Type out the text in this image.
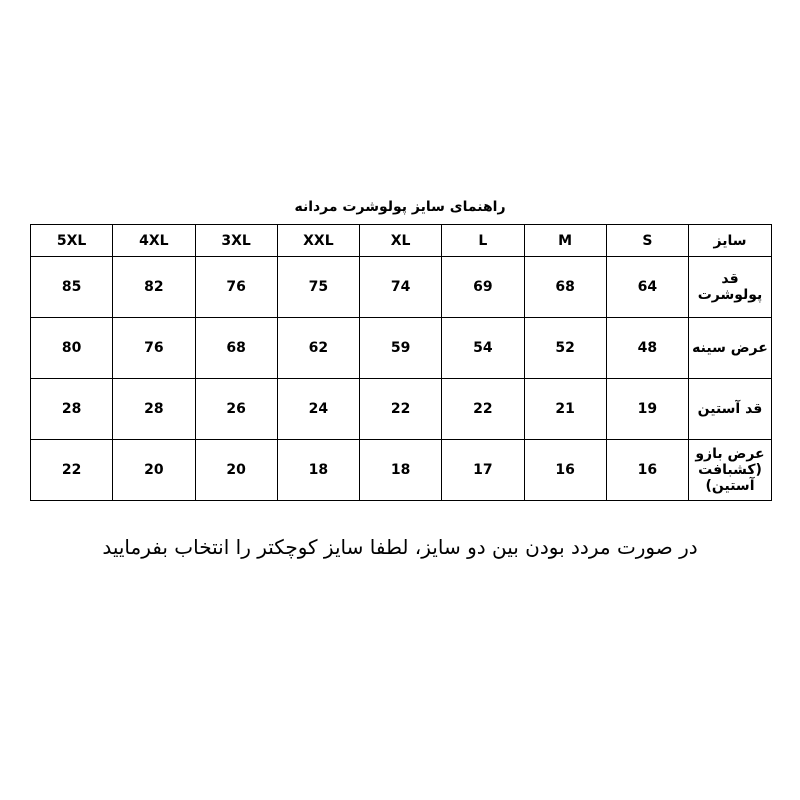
راهنمای سایز پولوشرت مردانه
سایز	S	M	L	XL	XXL	3XL	4XL	5XL

قد پولوشرت	64	68	69	74	75	76	82	85

عرض سینه	48	52	54	59	62	68	76	80

قد آستین	19	21	22	22	24	26	28	28

عرض بازو
(کشبافت آستین)	16	16	17	18	18	20	20	22
در صورت مردد بودن بین دو سایز، لطفا سایز کوچکتر را انتخاب بفرمایید
